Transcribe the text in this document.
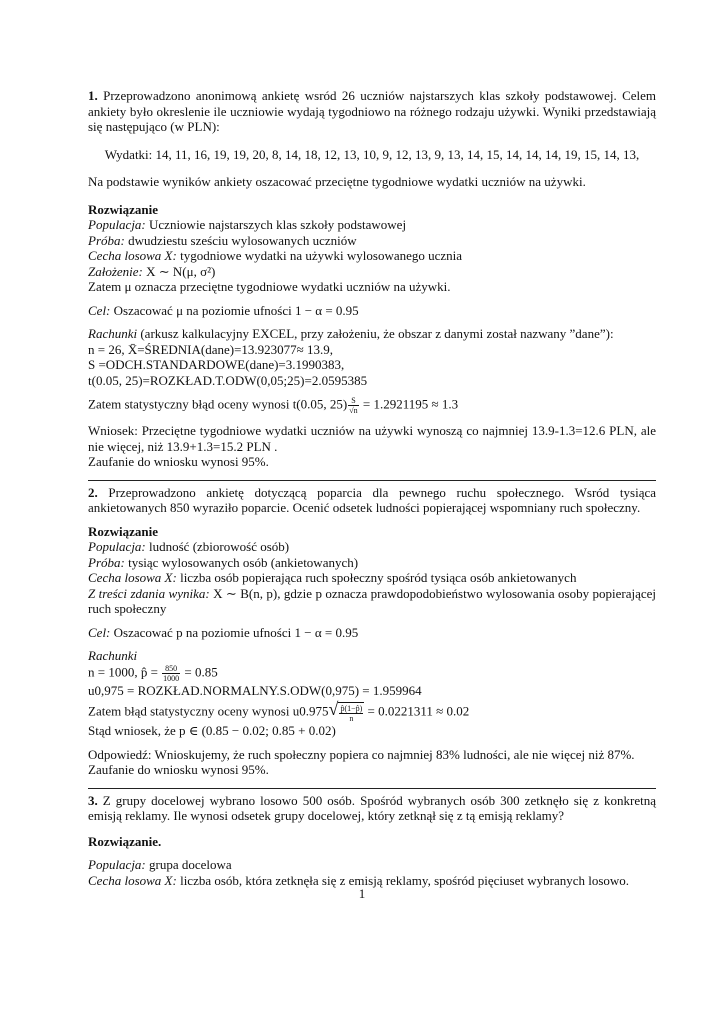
1. Przeprowadzono anonimową ankietę wsród 26 uczniów najstarszych klas szkoły podstawowej. Celem ankiety było okreslenie ile uczniowie wydają tygodniowo na różnego rodzaju używki. Wyniki przedstawiają się następująco (w PLN):

Wydatki: 14, 11, 16, 19, 19, 20, 8, 14, 18, 12, 13, 10, 9, 12, 13, 9, 13, 14, 15, 14, 14, 14, 19, 15, 14, 13,

Na podstawie wyników ankiety oszacować przeciętne tygodniowe wydatki uczniów na używki.

Rozwiązanie

Populacja: Uczniowie najstarszych klas szkoły podstawowej

Próba: dwudziestu sześciu wylosowanych uczniów

Cecha losowa X: tygodniowe wydatki na używki wylosowanego ucznia

Założenie: X ∼ N(μ, σ²)

Zatem μ oznacza przeciętne tygodniowe wydatki uczniów na używki.

Cel: Oszacować μ na poziomie ufności 1 − α = 0.95

Rachunki (arkusz kalkulacyjny EXCEL, przy założeniu, że obszar z danymi został nazwany ”dane”):

n = 26, X̄=ŚREDNIA(dane)=13.923077≈ 13.9,

S =ODCH.STANDARDOWE(dane)=3.1990383,

t(0.05, 25)=ROZKŁAD.T.ODW(0,05;25)=2.0595385

Zatem statystyczny błąd oceny wynosi t(0.05, $25) \frac{S}{√n} = 1.2921195 \approx 1.3$

Wniosek: Przeciętne tygodniowe wydatki uczniów na używki wynoszą co najmniej 13.9-1.3=12.6 PLN, ale nie więcej, niż 13.9+1.3=15.2 PLN .

Zaufanie do wniosku wynosi 95%.

2. Przeprowadzono ankietę dotyczącą poparcia dla pewnego ruchu społecznego. Wsród tysiąca ankietowanych 850 wyraziło poparcie. Ocenić odsetek ludności popierającej wspomniany ruch społeczny.

Rozwiązanie

Populacja: ludność (zbiorowość osób)

Próba: tysiąc wylosowanych osób (ankietowanych)

Cecha losowa X: liczba osób popierająca ruch społeczny spośród tysiąca osób ankietowanych

Z treści zdania wynika: X ∼ B(n, p), gdzie p oznacza prawdopodobieństwo wylosowania osoby popierającej ruch społeczny

Cel: Oszacować p na poziomie ufności 1 − α = 0.95

Rachunki

n = 1000, p̂ = $\frac{850}{1000} = 0.85$

u0,975 = ROZKŁAD.NORMALNY.S.ODW(0,975) = 1.959964

Zatem błąd statystyczny oceny wynosi u0.975 √ $\frac{p̂(1-p̂)}{n} = 0.0221311 \approx 0.02$

Stąd wniosek, że p ∈ (0.85 − 0.02; 0.85 + 0.02)

Odpowiedź: Wnioskujemy, że ruch społeczny popiera co najmniej 83% ludności, ale nie więcej niż 87%.

Zaufanie do wniosku wynosi 95%.

3. Z grupy docelowej wybrano losowo 500 osób. Spośród wybranych osób 300 zetknęło się z konkretną emisją reklamy. Ile wynosi odsetek grupy docelowej, który zetknął się z tą emisją reklamy?

Rozwiązanie.

Populacja: grupa docelowa

Cecha losowa X: liczba osób, która zetknęła się z emisją reklamy, spośród pięciuset wybranych losowo.

1
